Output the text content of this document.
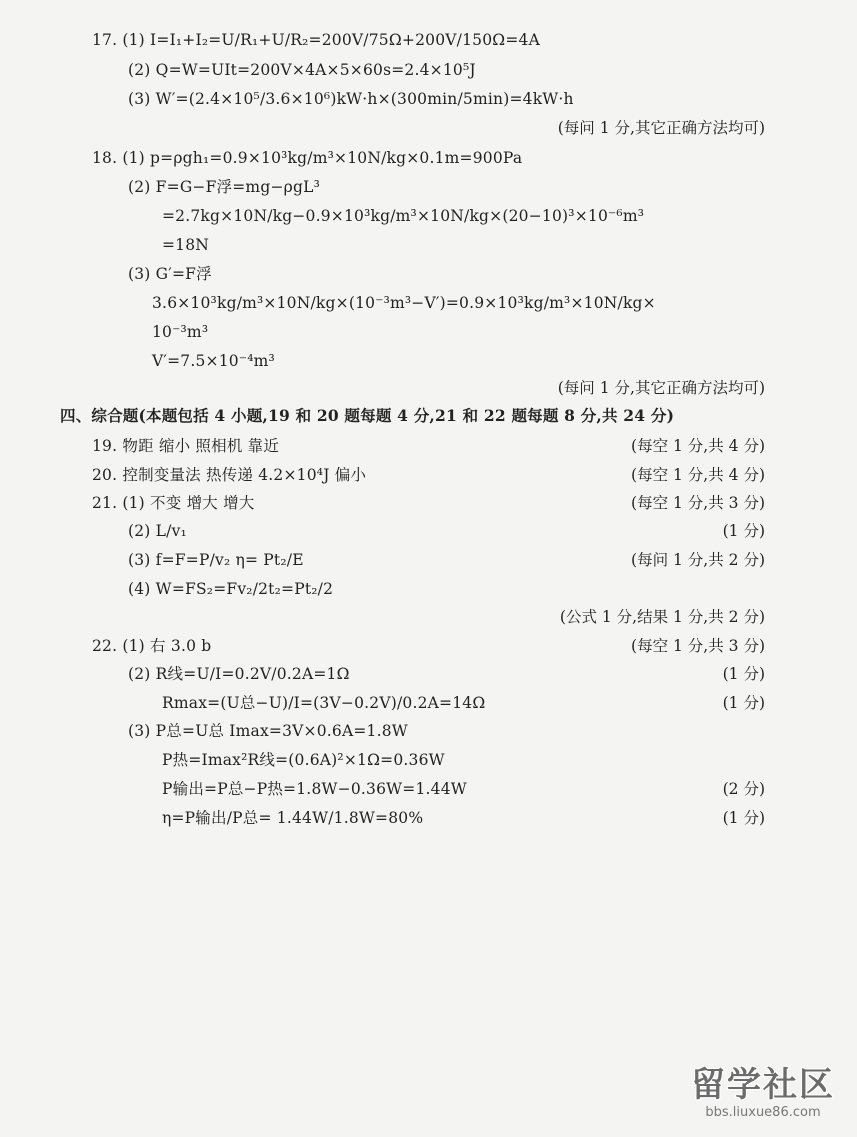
17. (1) I=I₁+I₂=U/R₁+U/R₂=200V/75Ω+200V/150Ω=4A
(2) Q=W=UIt=200V×4A×5×60s=2.4×10⁵J
(3) W′=(2.4×10⁵/3.6×10⁶)kW·h×(300min/5min)=4kW·h
(每问 1 分,其它正确方法均可)
18. (1) p=ρgh₁=0.9×10³kg/m³×10N/kg×0.1m=900Pa
(2) F=G−F浮=mg−ρgL³
=2.7kg×10N/kg−0.9×10³kg/m³×10N/kg×(20−10)³×10⁻⁶m³
=18N
(3) G′=F浮
3.6×10³kg/m³×10N/kg×(10⁻³m³−V′)=0.9×10³kg/m³×10N/kg×
10⁻³m³
V′=7.5×10⁻⁴m³
(每问 1 分,其它正确方法均可)
四、综合题(本题包括 4 小题,19 和 20 题每题 4 分,21 和 22 题每题 8 分,共 24 分)
19. 物距 缩小 照相机 靠近	(每空 1 分,共 4 分)
20. 控制变量法 热传递 4.2×10⁴J 偏小	(每空 1 分,共 4 分)
21. (1) 不变 增大 增大	(每空 1 分,共 3 分)
(2) L/v₁	(1 分)
(3) f=F=P/v₂ η= Pt₂/E	(每问 1 分,共 2 分)
(4) W=FS₂=Fv₂/2t₂=Pt₂/2
(公式 1 分,结果 1 分,共 2 分)
22. (1) 右 3.0 b	(每空 1 分,共 3 分)
(2) R线=U/I=0.2V/0.2A=1Ω	(1 分)
Rmax=(U总−U)/I=(3V−0.2V)/0.2A=14Ω	(1 分)
(3) P总=U总 Imax=3V×0.6A=1.8W
P热=Imax²R线=(0.6A)²×1Ω=0.36W
P输出=P总−P热=1.8W−0.36W=1.44W	(2 分)
η=P输出/P总= 1.44W/1.8W=80%	(1 分)
留学社区
bbs.liuxue86.com
